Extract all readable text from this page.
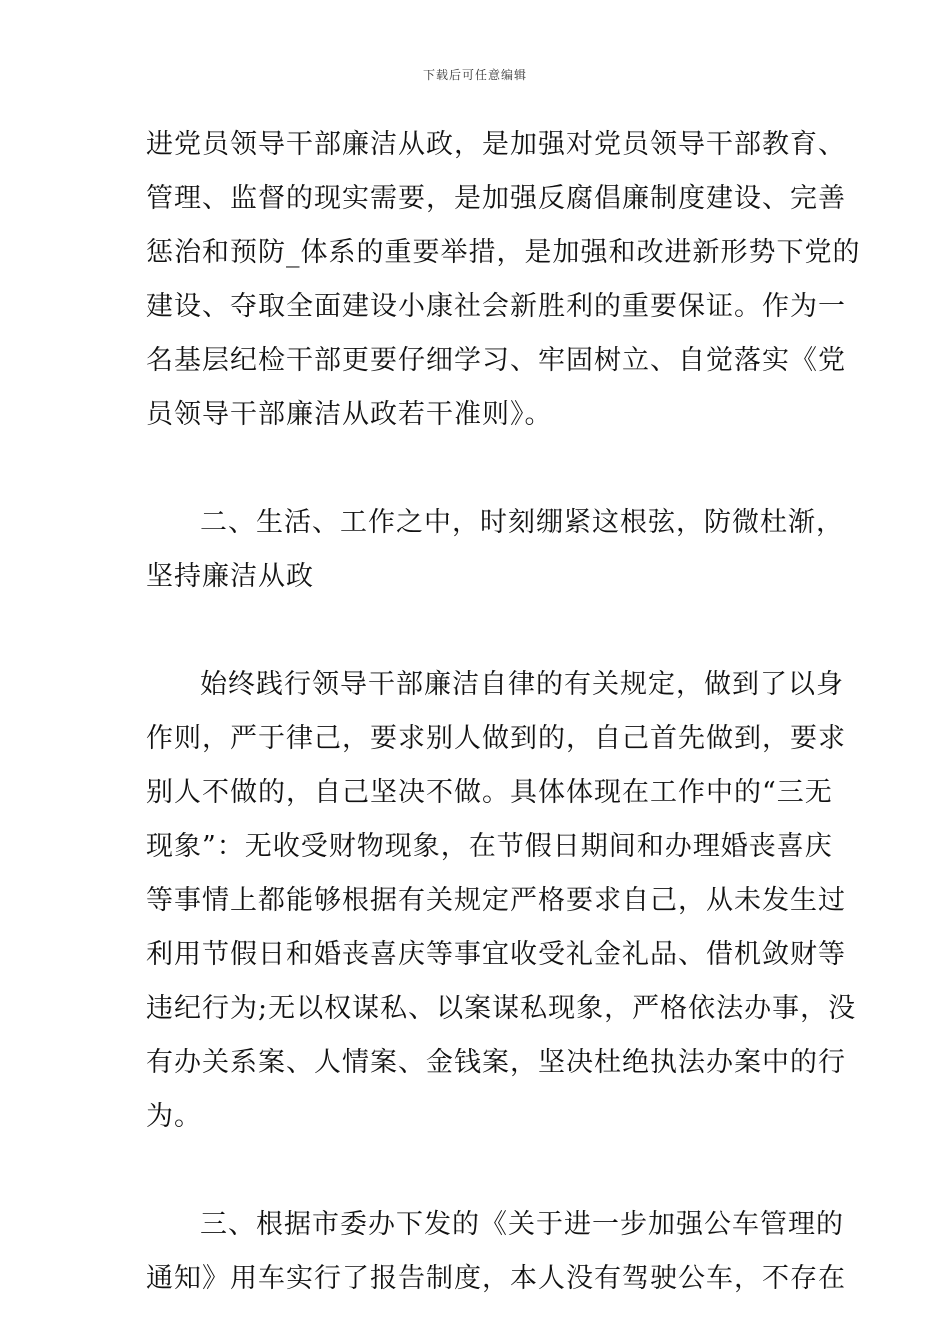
下载后可任意编辑

进党员领导干部廉洁从政，是加强对党员领导干部教育、
管理、监督的现实需要，是加强反腐倡廉制度建设、完善
惩治和预防_体系的重要举措，是加强和改进新形势下党的
建设、夺取全面建设小康社会新胜利的重要保证。作为一
名基层纪检干部更要仔细学习、牢固树立、自觉落实《党
员领导干部廉洁从政若干准则》。

二、生活、工作之中，时刻绷紧这根弦，防微杜渐，
坚持廉洁从政

始终践行领导干部廉洁自律的有关规定，做到了以身
作则，严于律己，要求别人做到的，自己首先做到，要求
别人不做的，自己坚决不做。具体体现在工作中的“三无
现象”：无收受财物现象，在节假日期间和办理婚丧喜庆
等事情上都能够根据有关规定严格要求自己，从未发生过
利用节假日和婚丧喜庆等事宜收受礼金礼品、借机敛财等
违纪行为;无以权谋私、以案谋私现象，严格依法办事，没
有办关系案、人情案、金钱案，坚决杜绝执法办案中的行
为。

三、根据市委办下发的《关于进一步加强公车管理的
通知》用车实行了报告制度，本人没有驾驶公车，不存在
